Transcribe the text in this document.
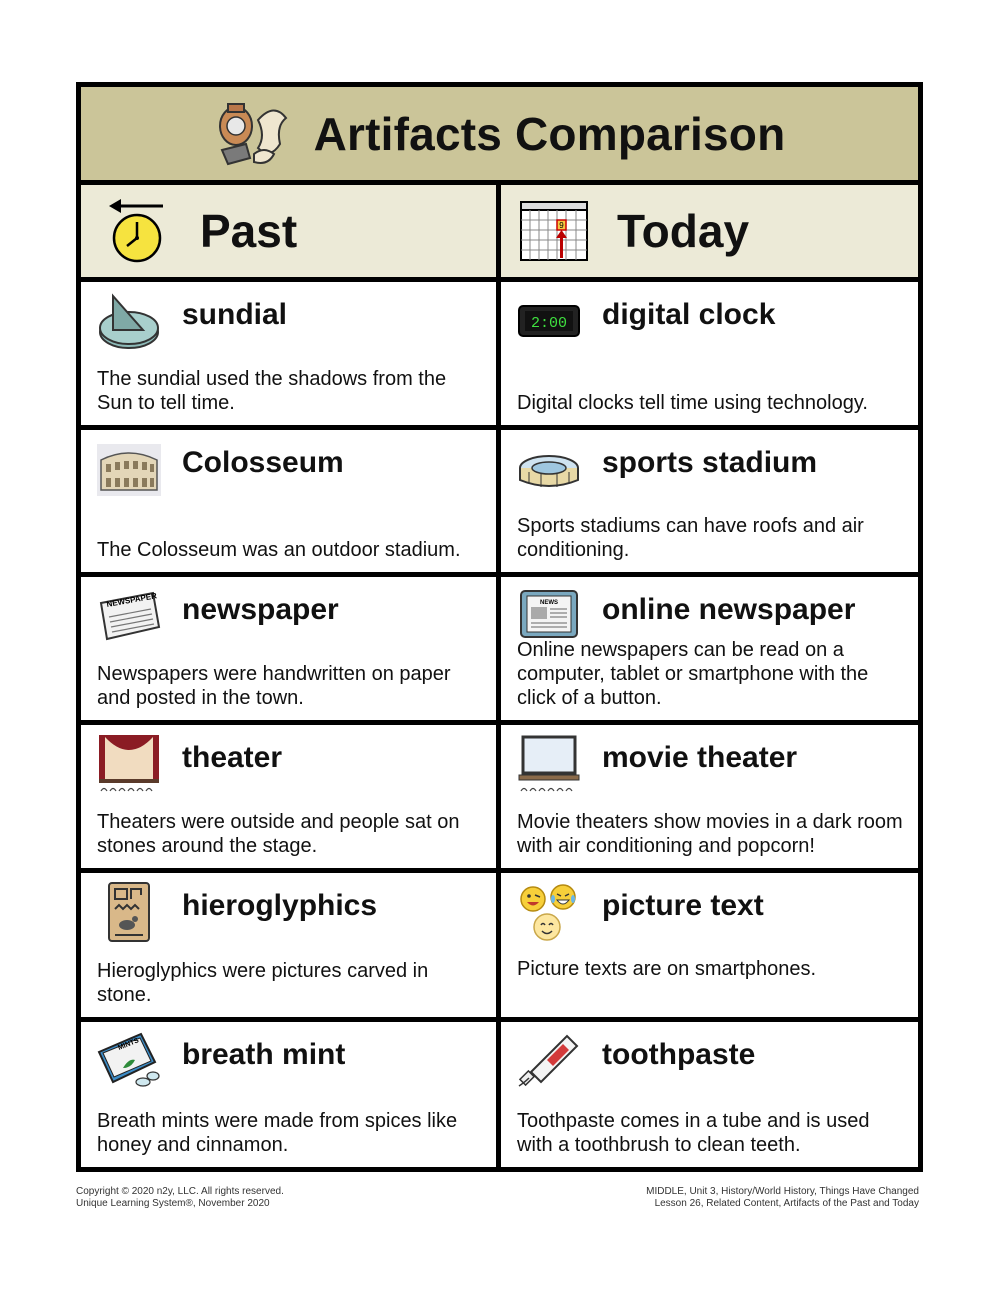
Artifacts Comparison
Past	9 Today
sundial
The sundial used the shadows from the Sun to tell time.
2:00 digital clock
Digital clocks tell time using technology.
Colosseum
The Colosseum was an outdoor stadium.
sports stadium
Sports stadiums can have roofs and air conditioning.
NEWSPAPER newspaper
Newspapers were handwritten on paper and posted in the town.
NEWS online newspaper
Online newspapers can be read on a computer, tablet or smartphone with the click of a button.
theater
Theaters were outside and people sat on stones around the stage.
movie theater
Movie theaters show movies in a dark room with air conditioning and popcorn!
hieroglyphics
Hieroglyphics were pictures carved in stone.
picture text
Picture texts are on smartphones.
MINTS breath mint
Breath mints were made from spices like honey and cinnamon.
toothpaste
Toothpaste comes in a tube and is used with a toothbrush to clean teeth.
Copyright © 2020 n2y, LLC. All rights reserved.
Unique Learning System®, November 2020
MIDDLE, Unit 3, History/World History, Things Have Changed
Lesson 26, Related Content, Artifacts of the Past and Today
